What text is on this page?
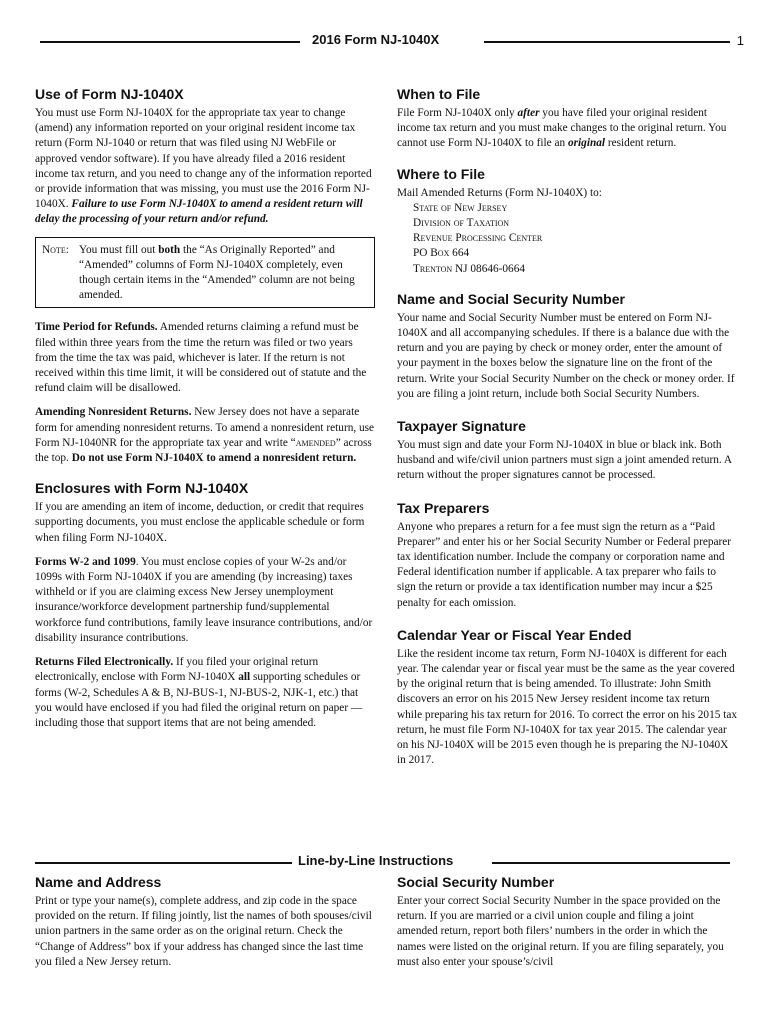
2016 Form NJ-1040X	1
Use of Form NJ-1040X

You must use Form NJ-1040X for the appropriate tax year to change (amend) any information reported on your original resident income tax return (Form NJ-1040 or return that was filed using NJ WebFile or approved vendor software). If you have already filed a 2016 resident income tax return, and you need to change any of the information reported or provide information that was missing, you must use the 2016 Form NJ-1040X. Failure to use Form NJ-1040X to amend a resident return will delay the processing of your return and/or refund.

Note: You must fill out both the “As Originally Reported” and “Amended” columns of Form NJ-1040X completely, even though certain items in the “Amended” column are not being amended.

Time Period for Refunds. Amended returns claiming a refund must be filed within three years from the time the return was filed or two years from the time the tax was paid, whichever is later. If the return is not received within this time limit, it will be considered out of statute and the refund claim will be disallowed.

Amending Nonresident Returns. New Jersey does not have a separate form for amending nonresident returns. To amend a nonresident return, use Form NJ-1040NR for the appropriate tax year and write “amended” across the top. Do not use Form NJ-1040X to amend a nonresident return.

Enclosures with Form NJ-1040X

If you are amending an item of income, deduction, or credit that requires supporting documents, you must enclose the applicable schedule or form when filing Form NJ-1040X.

Forms W-2 and 1099. You must enclose copies of your W-2s and/or 1099s with Form NJ-1040X if you are amending (by increasing) taxes withheld or if you are claiming excess New Jersey unemployment insurance/workforce development partnership fund/supplemental workforce fund contributions, family leave insurance contributions, and/or disability insurance contributions.

Returns Filed Electronically. If you filed your original return electronically, enclose with Form NJ-1040X all supporting schedules or forms (W-2, Schedules A & B, NJ-BUS-1, NJ-BUS-2, NJK-1, etc.) that you would have enclosed if you had filed the original return on paper — including those that support items that are not being amended.

When to File

File Form NJ-1040X only after you have filed your original resident income tax return and you must make changes to the original return. You cannot use Form NJ-1040X to file an original resident return.

Where to File
Mail Amended Returns (Form NJ-1040X) to:
State of New Jersey
Division of Taxation
Revenue Processing Center
PO Box 664
Trenton NJ 08646-0664
Name and Social Security Number

Your name and Social Security Number must be entered on Form NJ-1040X and all accompanying schedules. If there is a balance due with the return and you are paying by check or money order, enter the amount of your payment in the boxes below the signature line on the front of the return. Write your Social Security Number on the check or money order. If you are filing a joint return, include both Social Security Numbers.

Taxpayer Signature

You must sign and date your Form NJ-1040X in blue or black ink. Both husband and wife/civil union partners must sign a joint amended return. A return without the proper signatures cannot be processed.

Tax Preparers

Anyone who prepares a return for a fee must sign the return as a “Paid Preparer” and enter his or her Social Security Number or Federal preparer tax identification number. Include the company or corporation name and Federal identification number if applicable. A tax preparer who fails to sign the return or provide a tax identification number may incur a $25 penalty for each omission.

Calendar Year or Fiscal Year Ended

Like the resident income tax return, Form NJ-1040X is different for each year. The calendar year or fiscal year must be the same as the year covered by the original return that is being amended. To illustrate: John Smith discovers an error on his 2015 New Jersey resident income tax return while preparing his tax return for 2016. To correct the error on his 2015 tax return, he must file Form NJ-1040X for tax year 2015. The calendar year on his NJ-1040X will be 2015 even though he is preparing the NJ-1040X in 2017.

Line-by-Line Instructions
Name and Address

Print or type your name(s), complete address, and zip code in the space provided on the return. If filing jointly, list the names of both spouses/civil union partners in the same order as on the original return. Check the “Change of Address” box if your address has changed since the last time you filed a New Jersey return.

Social Security Number

Enter your correct Social Security Number in the space provided on the return. If you are married or a civil union couple and filing a joint amended return, report both filers’ numbers in the order in which the names were listed on the original return. If you are filing separately, you must also enter your spouse’s/civil
